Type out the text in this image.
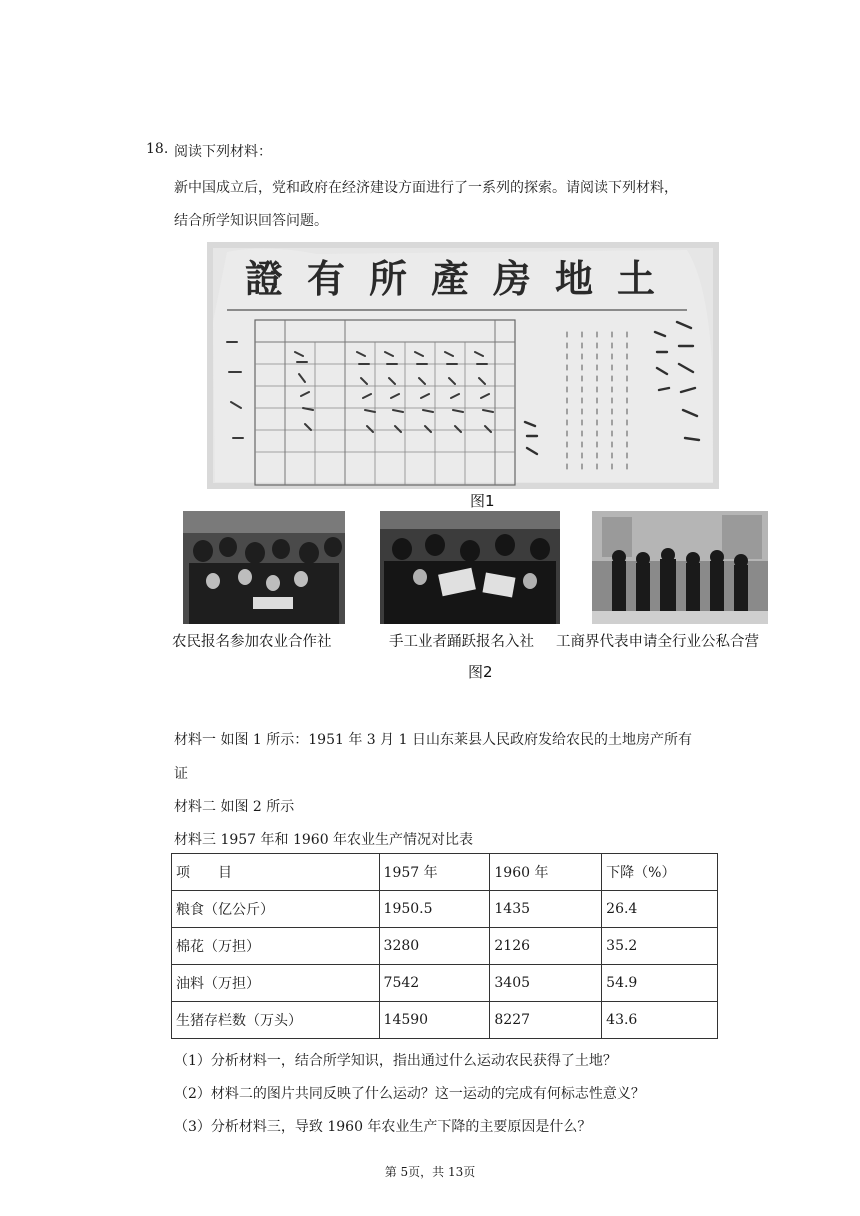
18. 阅读下列材料：
新中国成立后，党和政府在经济建设方面进行了一系列的探索。请阅读下列材料，
结合所学知识回答问题。
證有所產房地土
图1
农民报名参加农业合作社	手工业者踊跃报名入社 工商界代表申请全行业公私合营
图2
材料一 如图 1 所示：1951 年 3 月 1 日山东莱县人民政府发给农民的土地房产所有
证
材料二 如图 2 所示
材料三 1957 年和 1960 年农业生产情况对比表
项　　目	1957 年	1960 年	下降（%）
粮食（亿公斤）	1950.5	1435	26.4
棉花（万担）	3280	2126	35.2
油料（万担）	7542	3405	54.9
生猪存栏数（万头）	14590	8227	43.6
（1）分析材料一，结合所学知识，指出通过什么运动农民获得了土地？
（2）材料二的图片共同反映了什么运动？这一运动的完成有何标志性意义？
（3）分析材料三，导致 1960 年农业生产下降的主要原因是什么？
第 5页，共 13页
